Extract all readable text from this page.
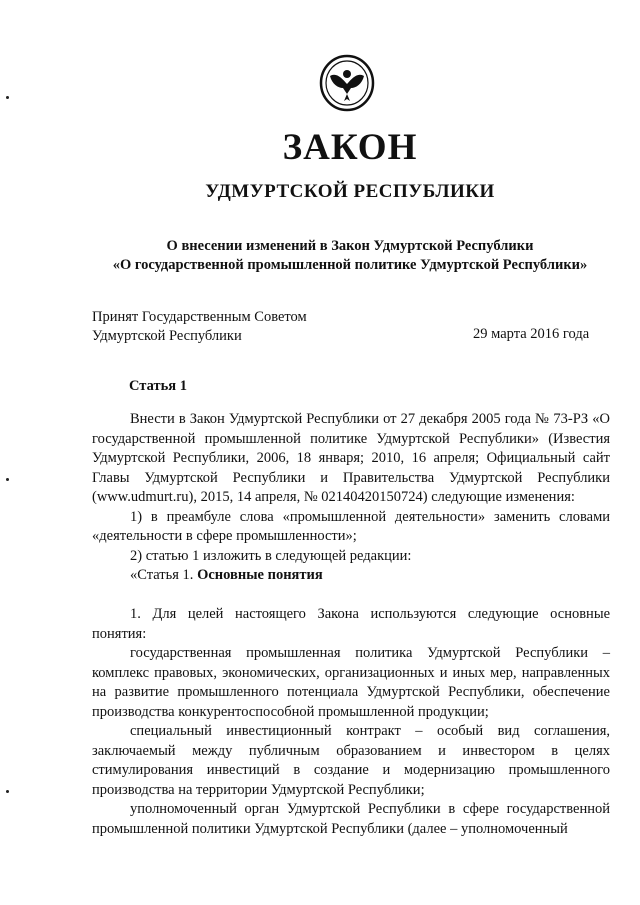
ЗАКОН
УДМУРТСКОЙ РЕСПУБЛИКИ
О внесении изменений в Закон Удмуртской Республики
«О государственной промышленной политике Удмуртской Республики»
Принят Государственным Советом
Удмуртской Республики	29 марта 2016 года
Статья 1

Внести в Закон Удмуртской Республики от 27 декабря 2005 года № 73-РЗ «О государственной промышленной политике Удмуртской Республики» (Известия Удмуртской Республики, 2006, 18 января; 2010, 16 апреля; Официальный сайт Главы Удмуртской Республики и Правительства Удмуртской Республики (www.udmurt.ru), 2015, 14 апреля, № 02140420150724) следующие изменения:

1) в преамбуле слова «промышленной деятельности» заменить словами «деятельности в сфере промышленности»;

2) статью 1 изложить в следующей редакции:

«Статья 1. Основные понятия

1. Для целей настоящего Закона используются следующие основные понятия:

государственная промышленная политика Удмуртской Республики – комплекс правовых, экономических, организационных и иных мер, направленных на развитие промышленного потенциала Удмуртской Республики, обеспечение производства конкурентоспособной промышленной продукции;

специальный инвестиционный контракт – особый вид соглашения, заключаемый между публичным образованием и инвестором в целях стимулирования инвестиций в создание и модернизацию промышленного производства на территории Удмуртской Республики;

уполномоченный орган Удмуртской Республики в сфере государственной промышленной политики Удмуртской Республики (далее – уполномоченный
